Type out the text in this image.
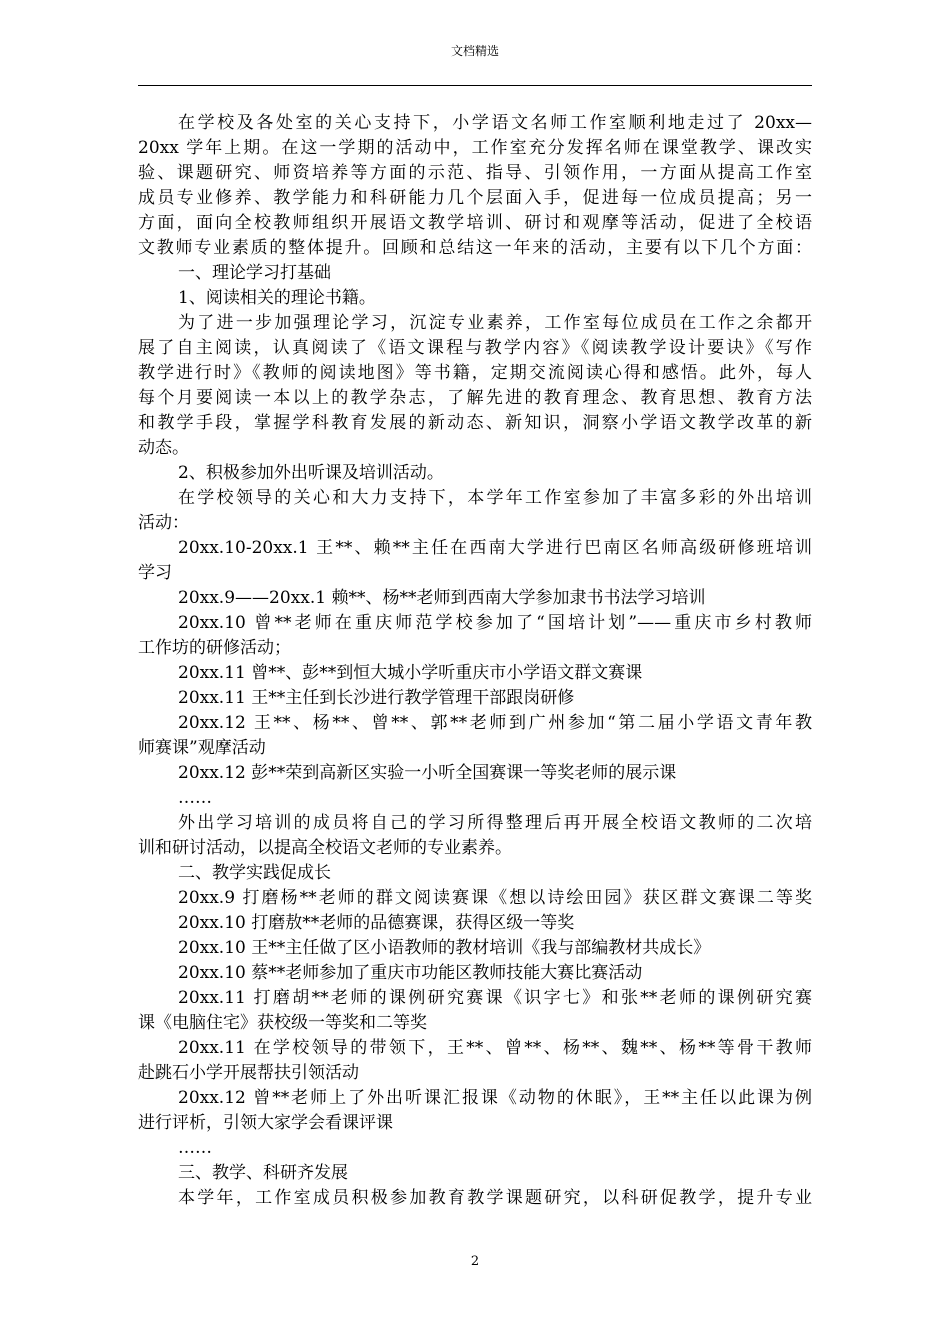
文档精选
在学校及各处室的关心支持下，小学语文名师工作室顺利地走过了 20xx—
20xx 学年上期。在这一学期的活动中，工作室充分发挥名师在课堂教学、课改实
验、课题研究、师资培养等方面的示范、指导、引领作用，一方面从提高工作室
成员专业修养、教学能力和科研能力几个层面入手，促进每一位成员提高；另一
方面，面向全校教师组织开展语文教学培训、研讨和观摩等活动，促进了全校语
文教师专业素质的整体提升。回顾和总结这一年来的活动，主要有以下几个方面：
一、理论学习打基础
1、阅读相关的理论书籍。
为了进一步加强理论学习，沉淀专业素养，工作室每位成员在工作之余都开
展了自主阅读，认真阅读了《语文课程与教学内容》《阅读教学设计要诀》《写作
教学进行时》《教师的阅读地图》等书籍，定期交流阅读心得和感悟。此外，每人
每个月要阅读一本以上的教学杂志，了解先进的教育理念、教育思想、教育方法
和教学手段，掌握学科教育发展的新动态、新知识，洞察小学语文教学改革的新
动态。
2、积极参加外出听课及培训活动。
在学校领导的关心和大力支持下，本学年工作室参加了丰富多彩的外出培训
活动：
20xx.10-20xx.1 王**、赖**主任在西南大学进行巴南区名师高级研修班培训
学习
20xx.9——20xx.1 赖**、杨**老师到西南大学参加隶书书法学习培训
20xx.10 曾**老师在重庆师范学校参加了“国培计划”——重庆市乡村教师
工作坊的研修活动；
20xx.11 曾**、彭**到恒大城小学听重庆市小学语文群文赛课
20xx.11 王**主任到长沙进行教学管理干部跟岗研修
20xx.12 王**、杨**、曾**、郭**老师到广州参加“第二届小学语文青年教
师赛课”观摩活动
20xx.12 彭**荣到高新区实验一小听全国赛课一等奖老师的展示课
……
外出学习培训的成员将自己的学习所得整理后再开展全校语文教师的二次培
训和研讨活动，以提高全校语文老师的专业素养。
二、教学实践促成长
20xx.9 打磨杨**老师的群文阅读赛课《想以诗绘田园》获区群文赛课二等奖
20xx.10 打磨敖**老师的品德赛课，获得区级一等奖
20xx.10 王**主任做了区小语教师的教材培训《我与部编教材共成长》
20xx.10 蔡**老师参加了重庆市功能区教师技能大赛比赛活动
20xx.11 打磨胡**老师的课例研究赛课《识字七》和张**老师的课例研究赛
课《电脑住宅》获校级一等奖和二等奖
20xx.11 在学校领导的带领下，王**、曾**、杨**、魏**、杨**等骨干教师
赴跳石小学开展帮扶引领活动
20xx.12 曾**老师上了外出听课汇报课《动物的休眠》，王**主任以此课为例
进行评析，引领大家学会看课评课
……
三、教学、科研齐发展
本学年，工作室成员积极参加教育教学课题研究，以科研促教学，提升专业
2
